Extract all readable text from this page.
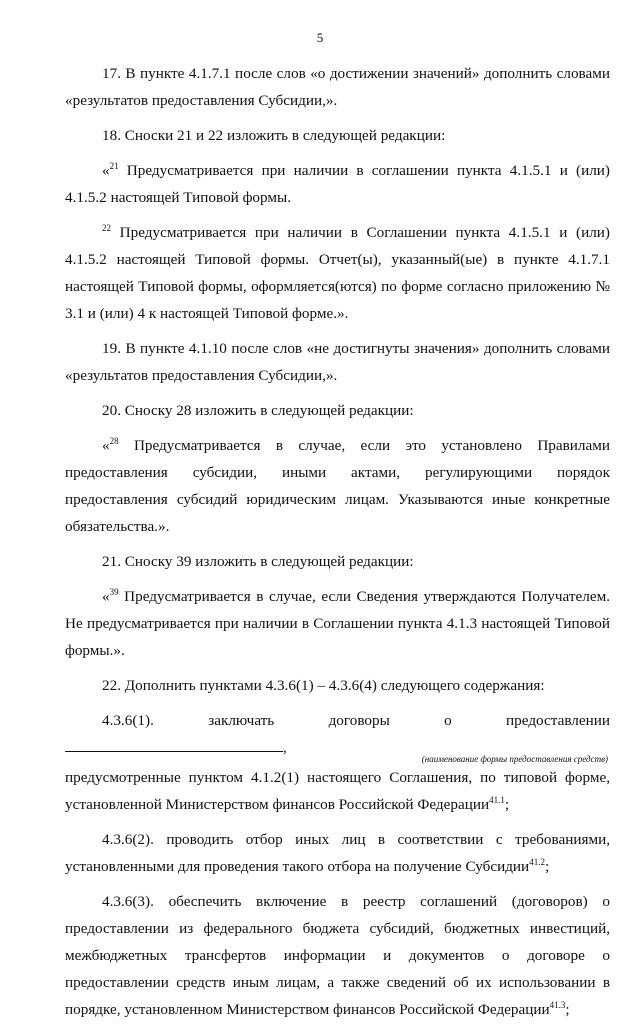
5

17. В пункте 4.1.7.1 после слов «о достижении значений» дополнить словами «результатов предоставления Субсидии,».

18. Сноски 21 и 22 изложить в следующей редакции:

«$^{21}$ Предусматривается при наличии в соглашении пункта 4.1.5.1 и (или) 4.1.5.2 настоящей Типовой формы.

$^{22}$ Предусматривается при наличии в Соглашении пункта 4.1.5.1 и (или) 4.1.5.2 настоящей Типовой формы. Отчет(ы), указанный(ые) в пункте 4.1.7.1 настоящей Типовой формы, оформляется(ются) по форме согласно приложению № 3.1 и (или) 4 к настоящей Типовой форме.».

19. В пункте 4.1.10 после слов «не достигнуты значения» дополнить словами «результатов предоставления Субсидии,».

20. Сноску 28 изложить в следующей редакции:

«$^{28}$ Предусматривается в случае, если это установлено Правилами предоставления субсидии, иными актами, регулирующими порядок предоставления субсидий юридическим лицам. Указываются иные конкретные обязательства.».

21. Сноску 39 изложить в следующей редакции:

«$^{39}$ Предусматривается в случае, если Сведения утверждаются Получателем. Не предусматривается при наличии в Соглашении пункта 4.1.3 настоящей Типовой формы.».

22. Дополнить пунктами 4.3.6(1) – 4.3.6(4) следующего содержания:

4.3.6(1). заключать договоры о предоставлении ,
(наименование формы предоставления средств)

предусмотренные пунктом 4.1.2(1) настоящего Соглашения, по типовой форме, установленной Министерством финансов Российской Федерации$^{41.1}$;

4.3.6(2). проводить отбор иных лиц в соответствии с требованиями, установленными для проведения такого отбора на получение Субсидии$^{41.2}$;

4.3.6(3). обеспечить включение в реестр соглашений (договоров) о предоставлении из федерального бюджета субсидий, бюджетных инвестиций, межбюджетных трансфертов информации и документов о договоре о предоставлении средств иным лицам, а также сведений об их использовании в порядке, установленном Министерством финансов Российской Федерации$^{41.3}$;
